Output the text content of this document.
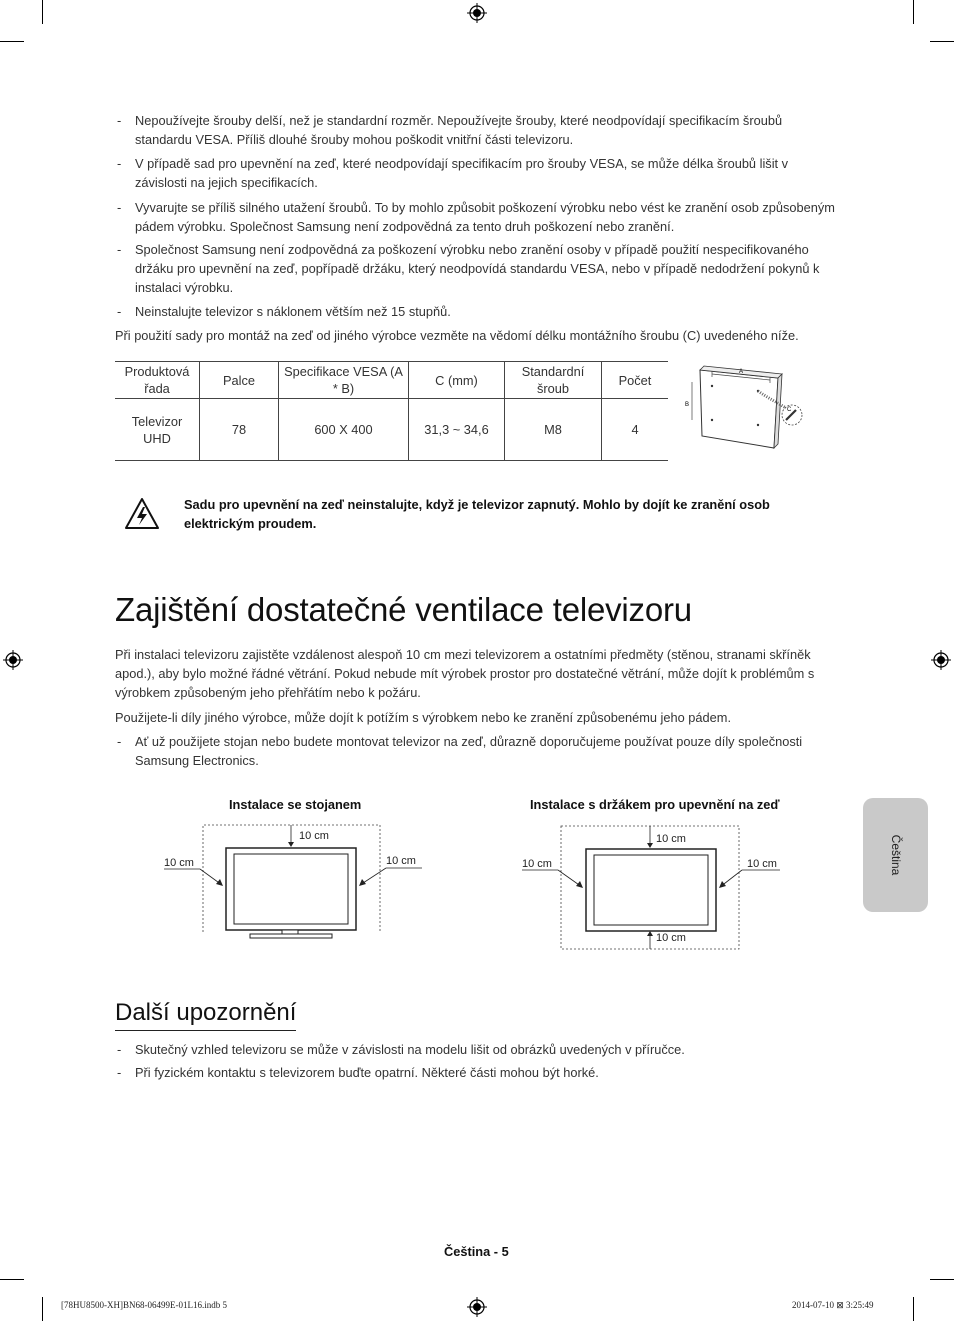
- Nepoužívejte šrouby delší, než je standardní rozměr. Nepoužívejte šrouby, které neodpovídají specifikacím šroubů standardu VESA. Příliš dlouhé šrouby mohou poškodit vnitřní části televizoru.
- V případě sad pro upevnění na zeď, které neodpovídají specifikacím pro šrouby VESA, se může délka šroubů lišit v závislosti na jejich specifikacích.
- Vyvarujte se příliš silného utažení šroubů. To by mohlo způsobit poškození výrobku nebo vést ke zranění osob způsobeným pádem výrobku. Společnost Samsung není zodpovědná za tento druh poškození nebo zranění.
- Společnost Samsung není zodpovědná za poškození výrobku nebo zranění osoby v případě použití nespecifikovaného držáku pro upevnění na zeď, popřípadě držáku, který neodpovídá standardu VESA, nebo v případě nedodržení pokynů k instalaci výrobku.
- Neinstalujte televizor s náklonem větším než 15 stupňů.
Při použití sady pro montáž na zeď od jiného výrobce vezměte na vědomí délku montážního šroubu (C) uvedeného níže.
Produktová řada	Palce	Specifikace VESA (A * B)	C (mm)	Standardní šroub	Počet
Televizor UHD	78	600 X 400	31,3 ~ 34,6	M8	4
A
B
C
Sadu pro upevnění na zeď neinstalujte, když je televizor zapnutý. Mohlo by dojít ke zranění osob elektrickým proudem.
Zajištění dostatečné ventilace televizoru
Při instalaci televizoru zajistěte vzdálenost alespoň 10 cm mezi televizorem a ostatními předměty (stěnou, stranami skříněk apod.), aby bylo možné řádné větrání. Pokud nebude mít výrobek prostor pro dostatečné větrání, může dojít k problémům s výrobkem způsobeným jeho přehřátím nebo k požáru.
Použijete-li díly jiného výrobce, může dojít k potížím s výrobkem nebo ke zranění způsobenému jeho pádem.
- Ať už použijete stojan nebo budete montovat televizor na zeď, důrazně doporučujeme používat pouze díly společnosti Samsung Electronics.
Instalace se stojanem	Instalace s držákem pro upevnění na zeď
10 cm
10 cm	10 cm
10 cm
10 cm
10 cm	10 cm
Další upozornění
- Skutečný vzhled televizoru se může v závislosti na modelu lišit od obrázků uvedených v příručce.
- Při fyzickém kontaktu s televizorem buďte opatrní. Některé části mohou být horké.
Čeština
Čeština - 5
[78HU8500-XH]BN68-06499E-01L16.indb 5	2014-07-10 ⊠ 3:25:49
